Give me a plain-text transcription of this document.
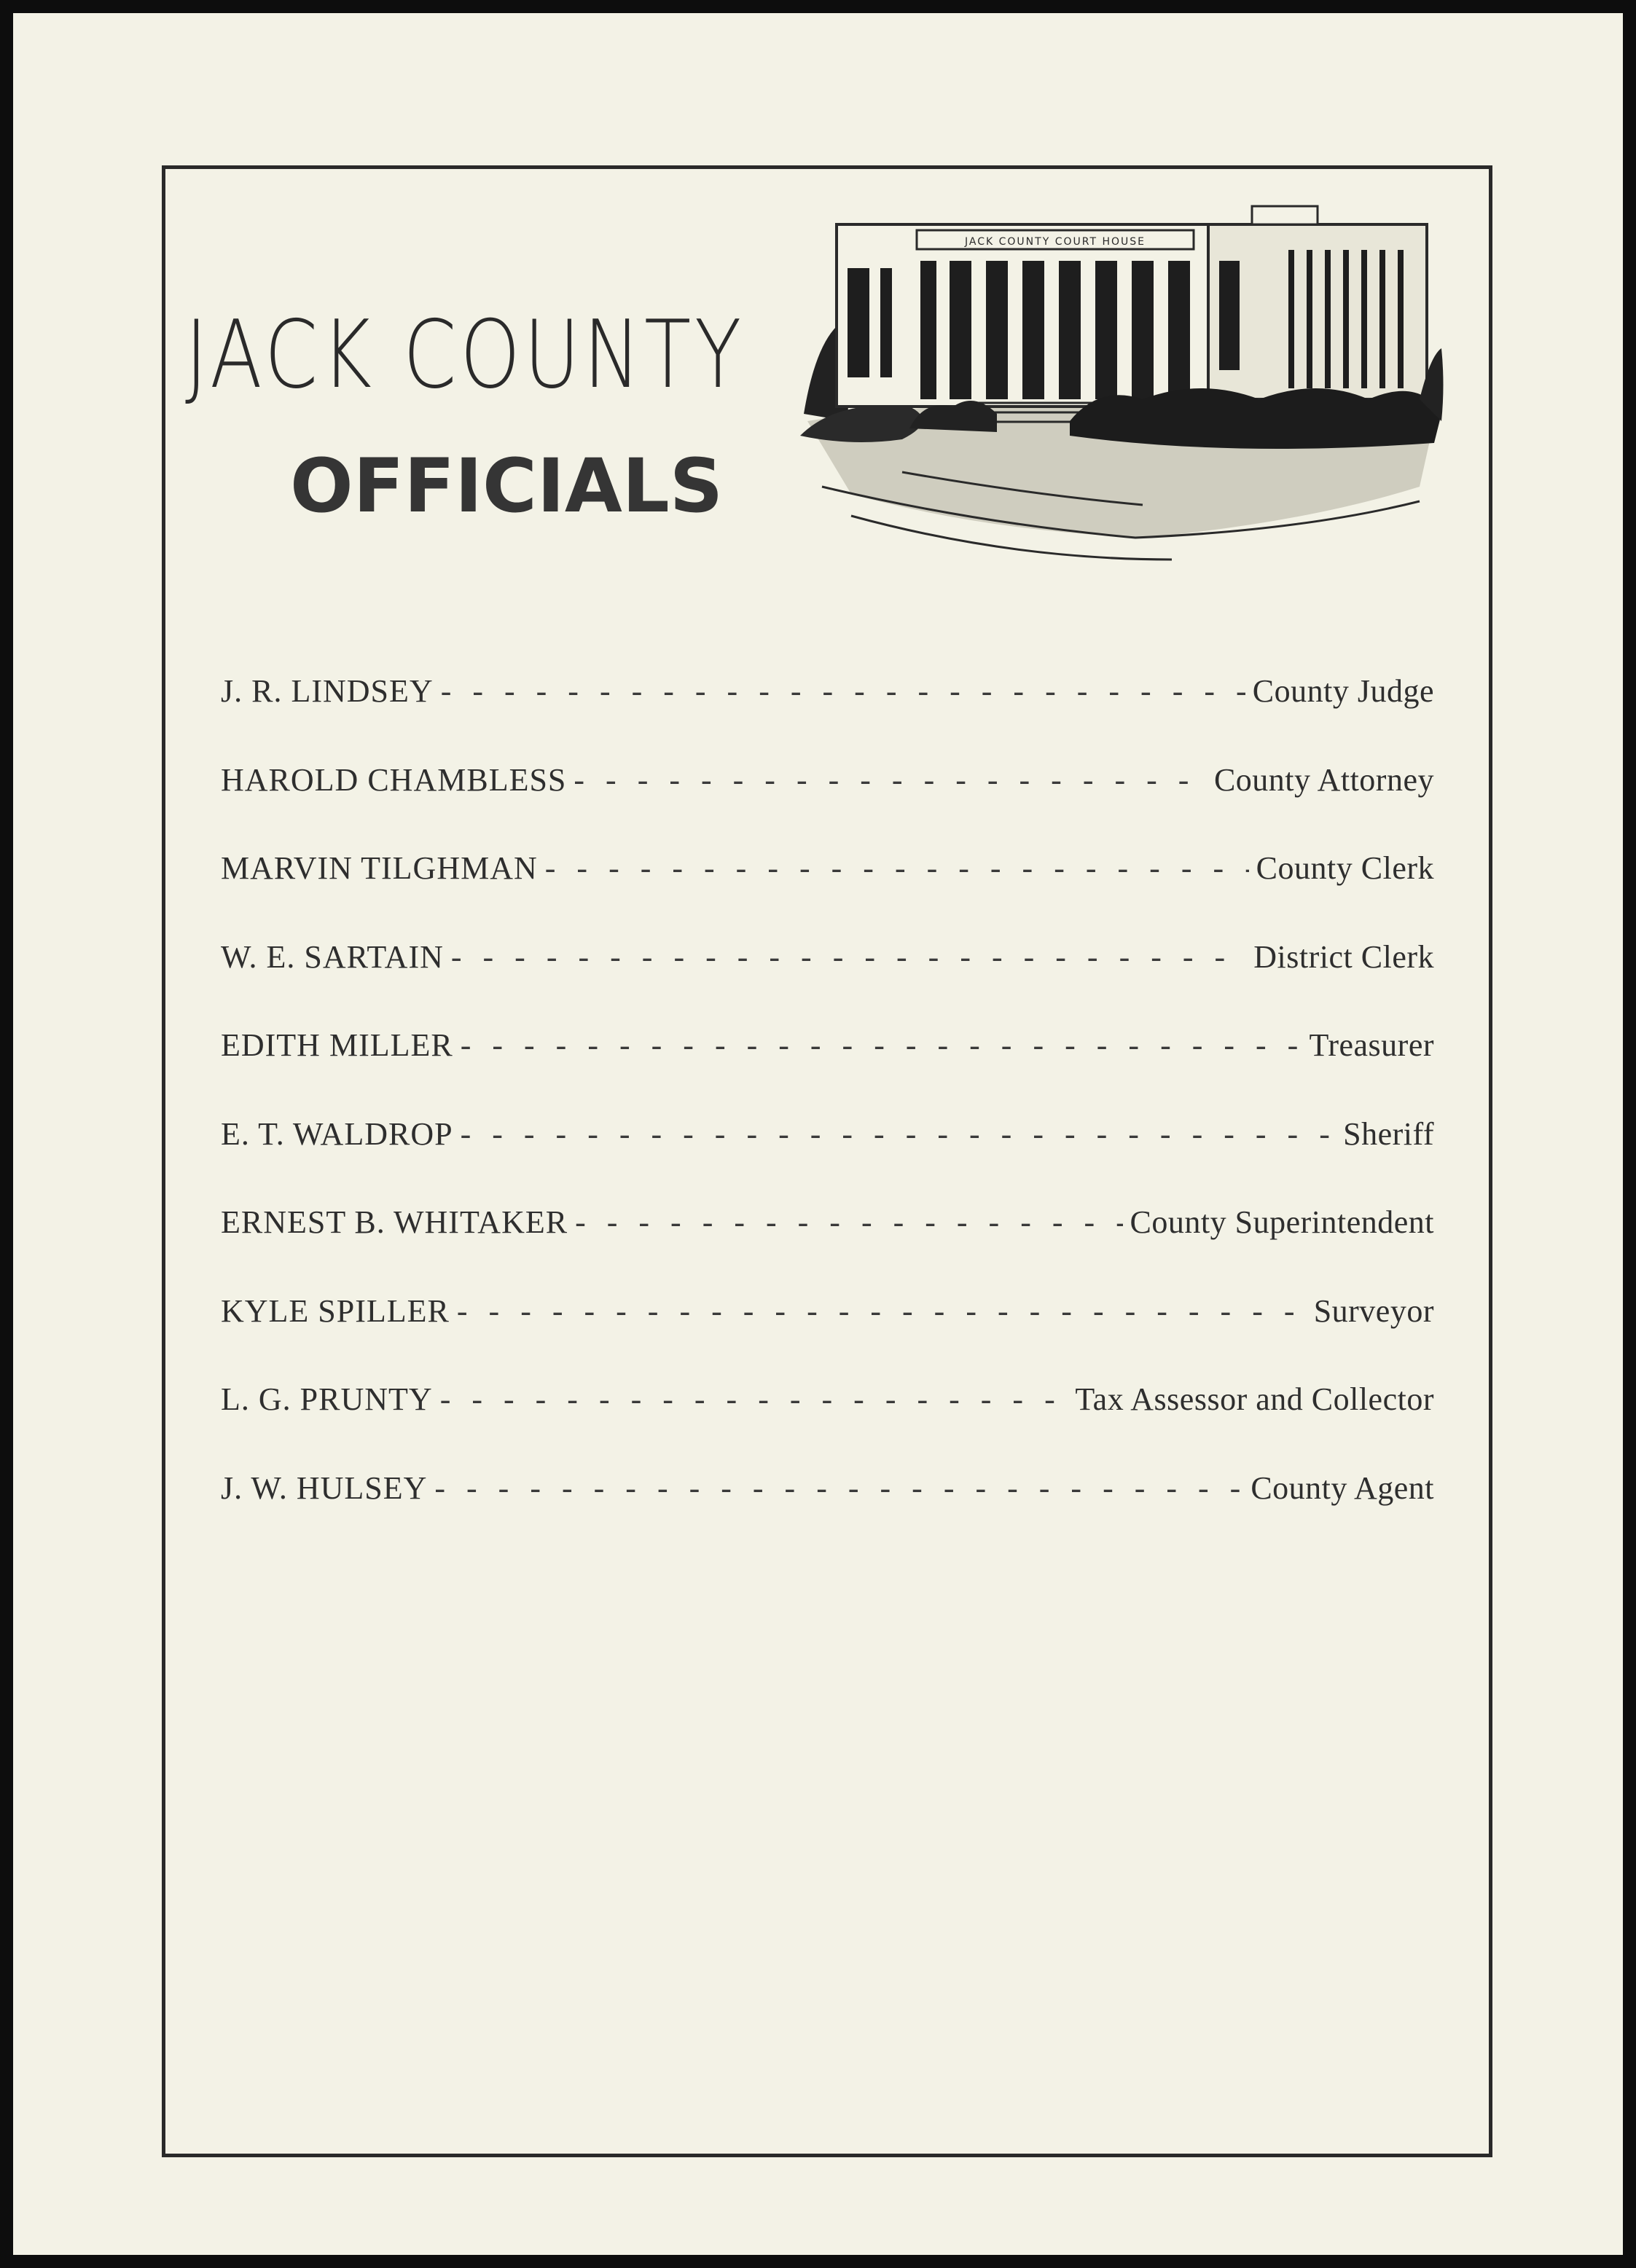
JACK COUNTY
OFFICIALS
JACK COUNTY COURT HOUSE
J. R. LINDSEY - - -	County Judge
HAROLD CHAMBLESS - - -	County Attorney
MARVIN TILGHMAN - - -	County Clerk
W. E. SARTAIN - - -	District Clerk
EDITH MILLER - - -	Treasurer
E. T. WALDROP - - -	Sheriff
ERNEST B. WHITAKER - - -	County Superintendent
KYLE SPILLER - - -	Surveyor
L. G. PRUNTY - - -	Tax Assessor and Collector
J. W. HULSEY - - -	County Agent
